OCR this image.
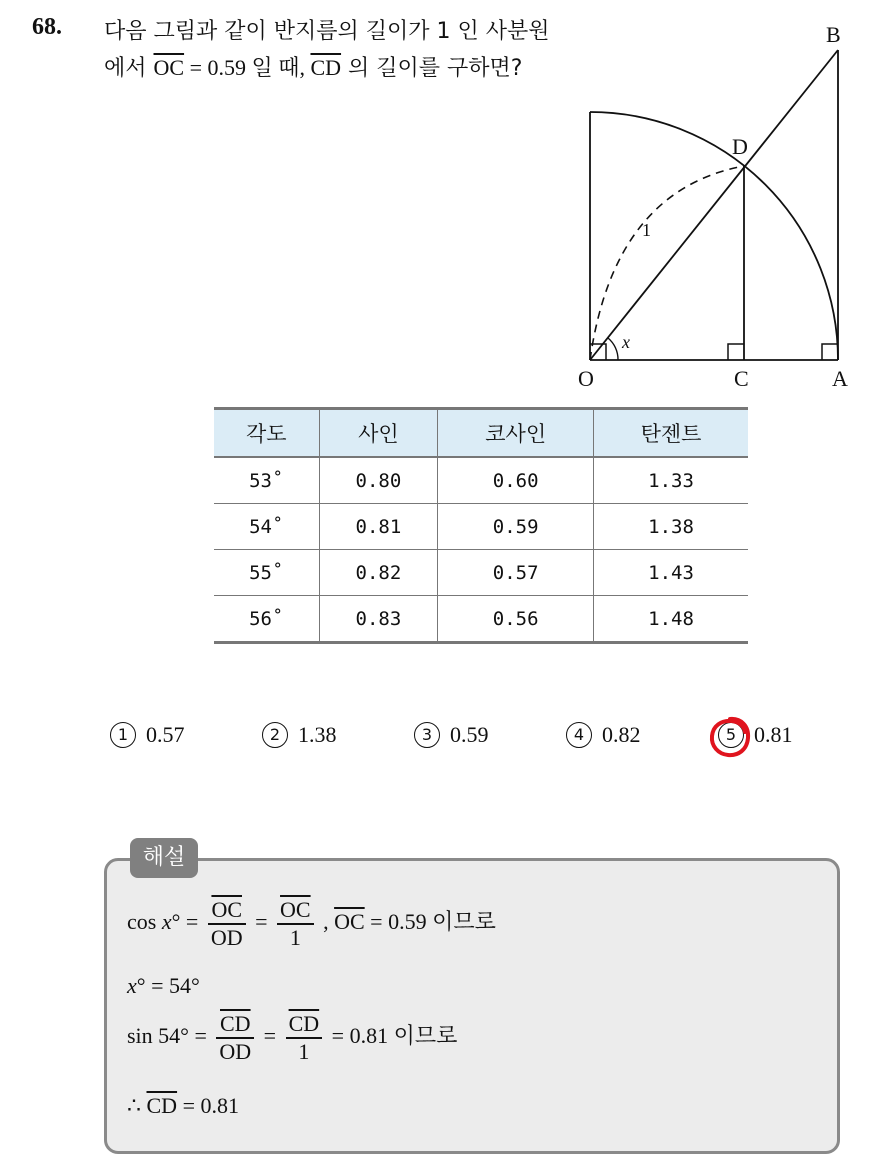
68. 다음 그림과 같이 반지름의 길이가 1 인 사분원에서 $\overline{OC} = 0.59$ 일 때, $\overline{CD}$ 의 길이를 구하면?
B
D
O	C	A
1
x
각도	사인	코사인	탄젠트
53˚	0.80	0.60	1.33
54˚	0.81	0.59	1.38
55˚	0.82	0.57	1.43
56˚	0.83	0.56	1.48
1 0.57	2 1.38	3 0.59	4 0.82	5 0.81
해설
$\cos x^\circ = \frac{\overline{OC}}{OD} = \frac{\overline{OC}}{1}$ , $\overline{OC} = 0.59$ 이므로
x° = 54°
$\sin 54^\circ = \frac{\overline{CD}}{OD} = \frac{\overline{CD}}{1} = 0.81$ 이므로
∴ $\overline{CD} = 0.81$
